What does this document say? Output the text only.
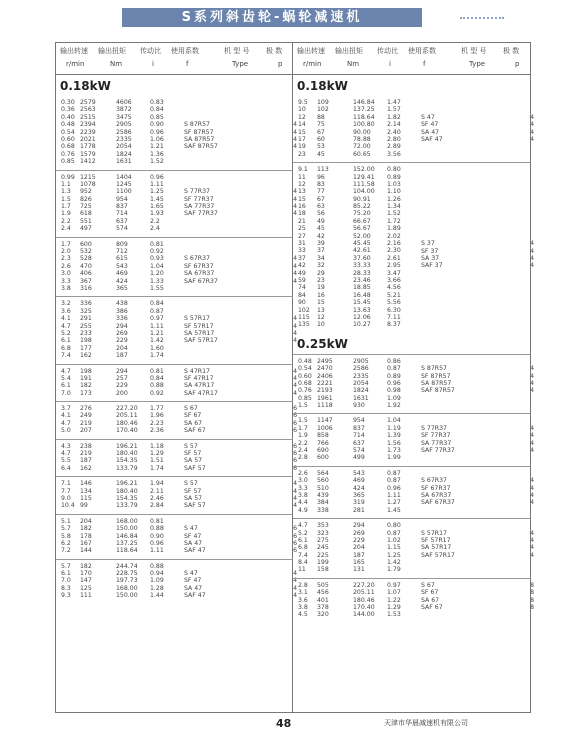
S系列斜齿轮-蜗轮减速机
输出转速 输出扭矩 传动比 使用系数	机 型 号 极 数
r/min	Nm	i	f	Type	p
0.18kW
0.30 2579	4606	0.83
0.36 2563	3872	0.84
0.40 2515	3475	0.85
0.48 2394	2905	0.90
0.54 2239	2586	0.96
0.60 2021	2335	1.06
0.68 1778	2054	1.21
0.76 1579	1824	1.36
0.85 1412	1631	1.52
S 87R57	4
SF 87R57	4
SA 87R57	4
SAF 87R57	4
0.99 1215	1404	0.96
1.1 1078	1245	1.11
1.3 952	1100	1.25
1.5 826	954	1.45
1.7 725	837	1.65
1.9 618	714	1.93
2.2 551	637	2.2
2.4 497	574	2.4
S 77R37	4
SF 77R37	4
SA 77R37	4
SAF 77R37	4
1.7 600	809	0.81
2.0 532	712	0.92
2.3 528	615	0.93
2.6 470	543	1.04
3.0 406	469	1.20
3.3 367	424	1.33
3.8 316	365	1.55
S 67R37	4
SF 67R37	4
SA 67R37	4
SAF 67R37	4
3.2 336	438	0.84
3.6 325	386	0.87
4.1 291	336	0.97
4.7 255	294	1.11
5.2 233	269	1.21
6.1 198	229	1.42
6.8 177	204	1.60
7.4 162	187	1.74
S 57R17	4
SF 57R17	4
SA 57R17	4
SAF 57R17	4
4.7 198	294	0.81
5.4 191	257	0.84
6.1 182	229	0.88
7.0 173	200	0.92
S 47R17	4
SF 47R17	4
SA 47R17	4
SAF 47R17	4
3.7 276	227.20 1.77
4.1 249	205.11 1.96
4.7 219	180.46 2.23
5.0 207	170.40 2.36
S 67	6
SF 67	6
SA 67	6
SAF 67	6
4.3 238	196.21 1.18
4.7 219	180.40 1.29
5.5 187	154.35 1.51
6.4 162	133.79 1.74
S 57	6
SF 57	6
SA 57	6
SAF 57	6
7.1 146	196.21 1.94
7.7 134	180.40 2.11
9.0 115	154.35 2.46
10.4 99	133.79 2.84
S 57	4
SF 57	4
SA 57	4
SAF 57	4
5.1 204	168.00 0.81
5.7 182	150.00 0.88
5.8 178	146.84 0.90
6.2 167	137.25 0.96
7.2 144	118.64 1.11
S 47	6
SF 47	6
SA 47	6
SAF 47	6
5.7 182	244.74 0.88
6.1 170	228.75 0.94
7.0 147	197.73 1.09
8.3 125	168.00 1.28
9.3 111	150.00 1.44
S 47	4
SF 47	4
SA 47	4
SAF 47	4
输出转速 输出扭矩 传动比 使用系数	机 型 号 极 数
r/min	Nm	i	f	Type	p
0.18kW
9.5 109	146.84 1.47
10 102	137.25 1.57
12 88	118.64 1.82
14 75	100.80 2.14
15 67	90.00	2.40
17 60	78.88	2.80
19 53	72.00	2.89
23 45	60.65	3.56
S 47	4
SF 47	4
SA 47	4
SAF 47	4
9.1 113	152.00 0.80
11 96	129.41 0.89
12 83	111.58 1.03
13 77	104.00 1.10
15 67	90.91	1.26
16 63	85.22	1.34
18 56	75.20	1.52
21 49	66.67	1.72
25 45	56.67	1.89
27 42	52.00	2.02
31 39	45.45	2.16
33 37	42.61	2.30
37 34	37.60	2.61
42 32	33.33	2.95
49 29	28.33	3.47
59 23	23.46	3.66
74 19	18.85	4.56
84 16	16.48	5.21
90 15	15.45	5.56
102 13	13.63	6.30
115 12	12.06	7.11
135 10	10.27	8.37
S 37	4
SF 37	4
SA 37	4
SAF 37	4
0.25kW
0.48 2495	2905	0.86
0.54 2470	2586	0.87
0.60 2406	2335	0.89
0.68 2221	2054	0.96
0.76 2193	1824	0.98
0.85 1961	1631	1.09
1.5 1118	930	1.92
S 87R57	4
SF 87R57	4
SA 87R57	4
SAF 87R57	4
1.5 1147	954	1.04
1.7 1006	837	1.19
1.9 858	714	1.39
2.2 766	637	1.56
2.4 690	574	1.73
2.8 600	499	1.99
S 77R37	4
SF 77R37	4
SA 77R37	4
SAF 77R37	4
2.6 564	543	0.87
3.0 560	469	0.87
3.3 510	424	0.96
3.8 439	365	1.11
4.4 384	319	1.27
4.9 338	281	1.45
S 67R37	4
SF 67R37	4
SA 67R37	4
SAF 67R37	4
4.7 353	294	0.80
5.2 323	269	0.87
6.1 275	229	1.02
6.8 245	204	1.15
7.4 225	187	1.25
8.4 199	165	1.42
11 158	131	1.79
S 57R17	4
SF 57R17	4
SA 57R17	4
SAF 57R17	4
2.8 505	227.20 0.97
3.1 456	205.11 1.07
3.6 401	180.46 1.22
3.8 378	170.40 1.29
4.5 320	144.00 1.53
S 67	8
SF 67	8
SA 67	8
SAF 67	8
48	天津市华晨减速机有限公司
